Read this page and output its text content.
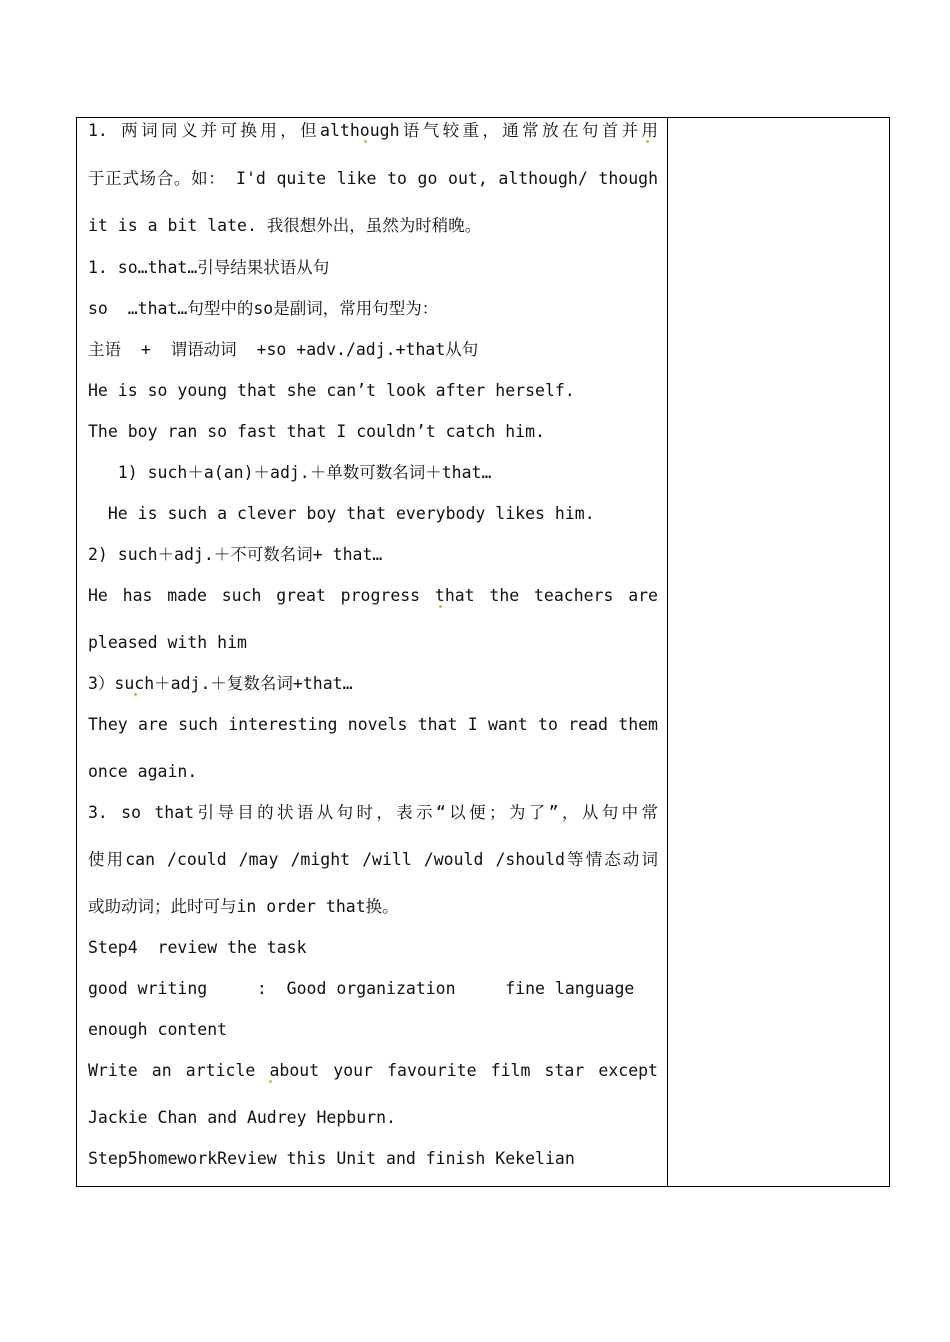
1. 两词同义并可换用，但although语气较重，通常放在句首并用
于正式场合。如： I'd quite like to go out, although/ though
it is a bit late. 我很想外出，虽然为时稍晚。
1. so…that…引导结果状语从句
so  …that…句型中的so是副词，常用句型为：
主语  +  谓语动词  +so +adv./adj.+that从句
He is so young that she can’t look after herself.
The boy ran so fast that I couldn’t catch him.
1) such＋a(an)＋adj.＋单数可数名词＋that…
He is such a clever boy that everybody likes him.
2) such＋adj.＋不可数名词+ that…
He has made such great progress that the teachers are
pleased with him
3）such＋adj.＋复数名词+that…
They are such interesting novels that I want to read them
once again.
3. so that引导目的状语从句时，表示“以便；为了”，从句中常
使用can /could /may /might /will /would /should等情态动词
或助动词；此时可与in order that换。
Step4  review the task
good writing     :  Good organization     fine language
enough content
Write an article about your favourite film star except
Jackie Chan and Audrey Hepburn.
Step5homeworkReview this Unit and finish Kekelian
